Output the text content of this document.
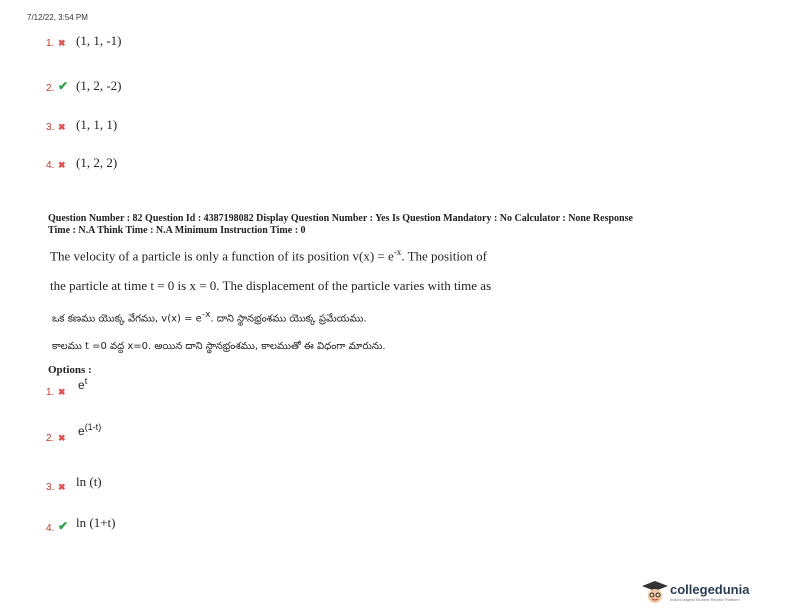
7/12/22, 3:54 PM
1. ✖ (1, 1, -1)
2. ✔ (1, 2, -2)
3. ✖ (1, 1, 1)
4. ✖ (1, 2, 2)
Question Number : 82 Question Id : 4387198082 Display Question Number : Yes Is Question Mandatory : No Calculator : None Response
Time : N.A Think Time : N.A Minimum Instruction Time : 0
The velocity of a particle is only a function of its position $v(x) = e^{-x}$. The position of
the particle at time t = 0 is x = 0. The displacement of the particle varies with time as
ఒక కణము యొక్క వేగము, $v(x) = e^{-x}$. దాని స్థానభ్రంశము యొక్క ప్రమేయము.
కాలము t =0 వద్ద x=0. అయిన దాని స్థానభ్రంశము, కాలముతో ఈ విధంగా మారును.
Options :
1. ✖	$e^t$
2. ✖	$e^{(1-t)}$
3. ✖ ln (t)
4. ✔ ln (1+t)
collegedunia
India's largest Student Review Platform
